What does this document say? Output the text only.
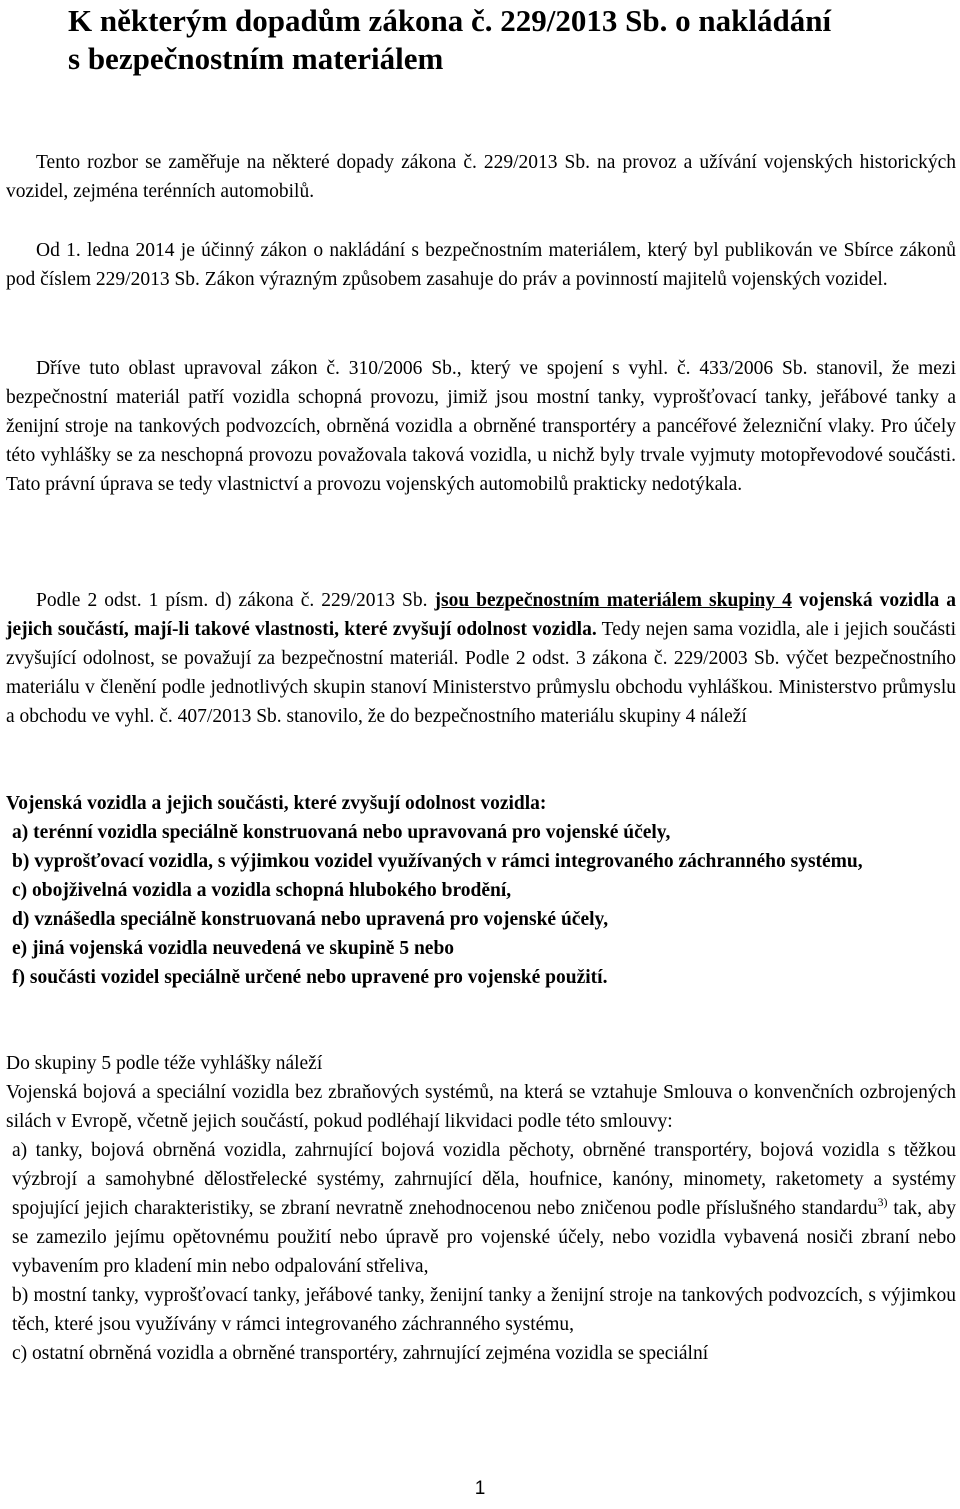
K některým dopadům zákona č. 229/2013 Sb. o nakládání
s bezpečnostním materiálem

Tento rozbor se zaměřuje na některé dopady zákona č. 229/2013 Sb. na provoz a užívání vojenských historických vozidel, zejména terénních automobilů.

Od 1. ledna 2014 je účinný zákon o nakládání s bezpečnostním materiálem, který byl publikován ve Sbírce zákonů pod číslem 229/2013 Sb. Zákon výrazným způsobem zasahuje do práv a povinností majitelů vojenských vozidel.

Dříve tuto oblast upravoval zákon č. 310/2006 Sb., který ve spojení s vyhl. č. 433/2006 Sb. stanovil, že mezi bezpečnostní materiál patří vozidla schopná provozu, jimiž jsou mostní tanky, vyprošťovací tanky, jeřábové tanky a ženijní stroje na tankových podvozcích, obrněná vozidla a obrněné transportéry a pancéřové železniční vlaky. Pro účely této vyhlášky se za neschopná provozu považovala taková vozidla, u nichž byly trvale vyjmuty motopřevodové součásti. Tato právní úprava se tedy vlastnictví a provozu vojenských automobilů prakticky nedotýkala.

Podle 2 odst. 1 písm. d) zákona č. 229/2013 Sb. jsou bezpečnostním materiálem skupiny 4 vojenská vozidla a jejich součástí, mají-li takové vlastnosti, které zvyšují odolnost vozidla. Tedy nejen sama vozidla, ale i jejich součásti zvyšující odolnost, se považují za bezpečnostní materiál. Podle 2 odst. 3 zákona č. 229/2003 Sb. výčet bezpečnostního materiálu v členění podle jednotlivých skupin stanoví Ministerstvo průmyslu obchodu vyhláškou. Ministerstvo průmyslu a obchodu ve vyhl. č. 407/2013 Sb. stanovilo, že do bezpečnostního materiálu skupiny 4 náleží

Vojenská vozidla a jejich součásti, které zvyšují odolnost vozidla:
a) terénní vozidla speciálně konstruovaná nebo upravovaná pro vojenské účely,
b) vyprošťovací vozidla, s výjimkou vozidel využívaných v rámci integrovaného záchranného systému,
c) obojživelná vozidla a vozidla schopná hlubokého brodění,
d) vznášedla speciálně konstruovaná nebo upravená pro vojenské účely,
e) jiná vojenská vozidla neuvedená ve skupině 5 nebo
f) součásti vozidel speciálně určené nebo upravené pro vojenské použití.
Do skupiny 5 podle téže vyhlášky náleží
Vojenská bojová a speciální vozidla bez zbraňových systémů, na která se vztahuje Smlouva o konvenčních ozbrojených silách v Evropě, včetně jejich součástí, pokud podléhají likvidaci podle této smlouvy:
a) tanky, bojová obrněná vozidla, zahrnující bojová vozidla pěchoty, obrněné transportéry, bojová vozidla s těžkou výzbrojí a samohybné dělostřelecké systémy, zahrnující děla, houfnice, kanóny, minomety, raketomety a systémy spojující jejich charakteristiky, se zbraní nevratně znehodnocenou nebo zničenou podle příslušného standardu$^{3)}$ tak, aby se zamezilo jejímu opětovnému použití nebo úpravě pro vojenské účely, nebo vozidla vybavená nosiči zbraní nebo vybavením pro kladení min nebo odpalování střeliva,
b) mostní tanky, vyprošťovací tanky, jeřábové tanky, ženijní tanky a ženijní stroje na tankových podvozcích, s výjimkou těch, které jsou využívány v rámci integrovaného záchranného systému,
c) ostatní obrněná vozidla a obrněné transportéry, zahrnující zejména vozidla se speciální
1
